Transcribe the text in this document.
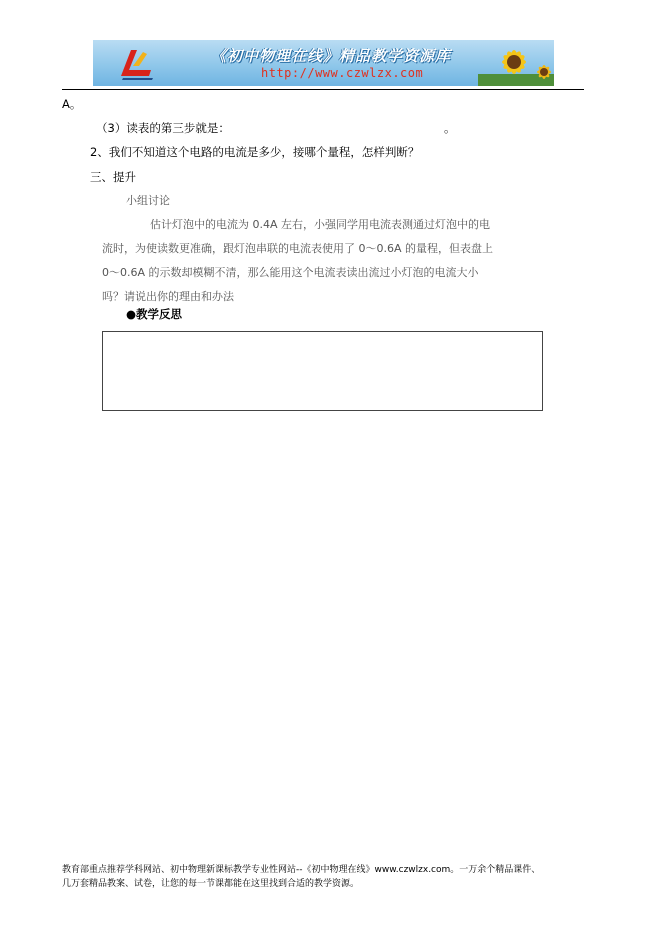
《初中物理在线》精品教学资源库
http://www.czwlzx.com
A。
（3）读表的第三步就是：	。
2、我们不知道这个电路的电流是多少，接哪个量程，怎样判断？
三、提升
小组讨论
估计灯泡中的电流为 0.4A 左右，小强同学用电流表测通过灯泡中的电
流时，为使读数更准确，跟灯泡串联的电流表使用了 0～0.6A 的量程，但表盘上
0～0.6A 的示数却模糊不清，那么能用这个电流表读出流过小灯泡的电流大小
吗？请说出你的理由和办法
●教学反思
教育部重点推荐学科网站、初中物理新课标教学专业性网站--《初中物理在线》www.czwlzx.com。一万余个精品课件、
几万套精品教案、试卷，让您的每一节课都能在这里找到合适的教学资源。
